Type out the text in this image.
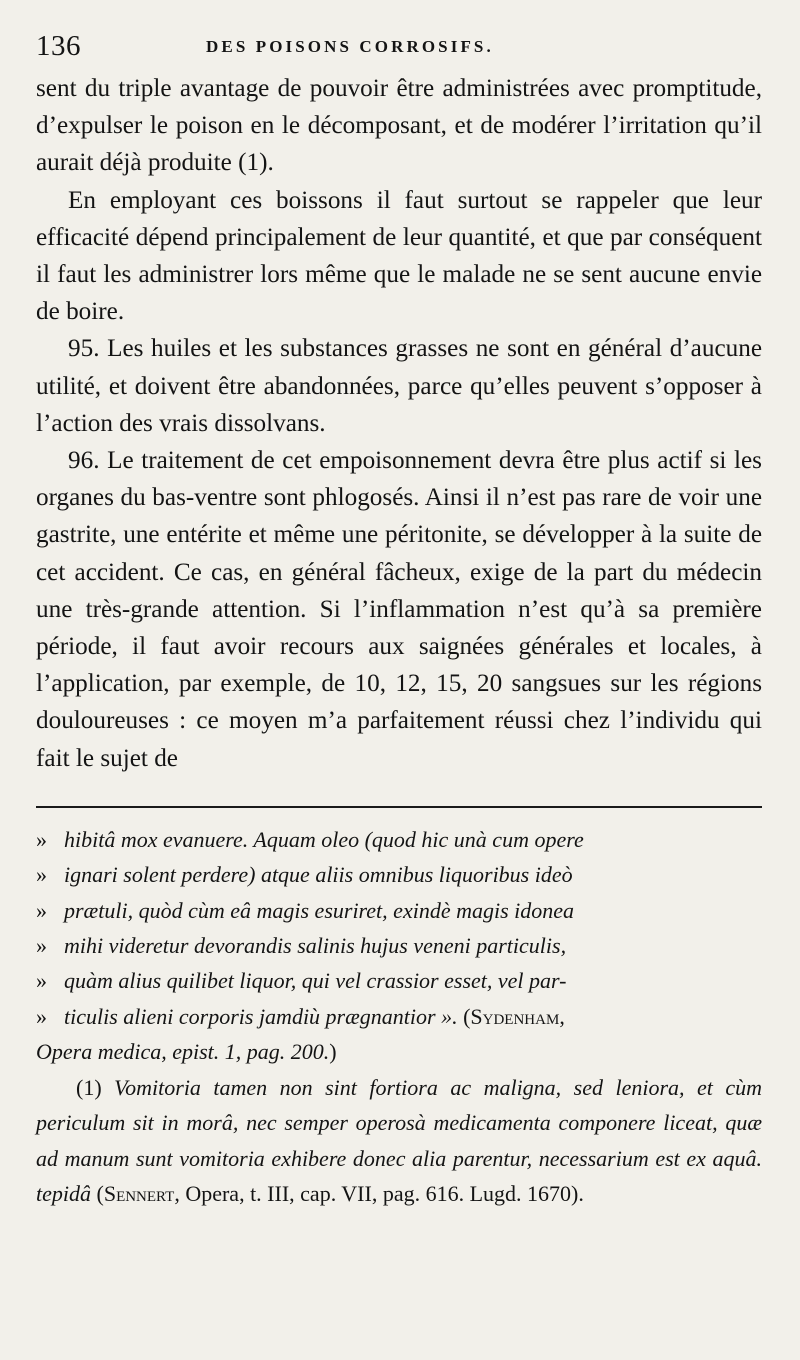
136	DES POISONS CORROSIFS.

sent du triple avantage de pouvoir être administrées avec promptitude, d’expulser le poison en le décomposant, et de modérer l’irritation qu’il aurait déjà produite (1).

En employant ces boissons il faut surtout se rappeler que leur efficacité dépend principalement de leur quantité, et que par conséquent il faut les administrer lors même que le malade ne se sent aucune envie de boire.

95. Les huiles et les substances grasses ne sont en général d’aucune utilité, et doivent être abandonnées, parce qu’elles peuvent s’opposer à l’action des vrais dissolvans.

96. Le traitement de cet empoisonnement devra être plus actif si les organes du bas-ventre sont phlogosés. Ainsi il n’est pas rare de voir une gastrite, une entérite et même une péritonite, se développer à la suite de cet accident. Ce cas, en général fâcheux, exige de la part du médecin une très-grande attention. Si l’inflammation n’est qu’à sa première période, il faut avoir recours aux saignées générales et locales, à l’application, par exemple, de 10, 12, 15, 20 sangsues sur les régions douloureuses : ce moyen m’a parfaitement réussi chez l’individu qui fait le sujet de

» hibitâ mox evanuere. Aquam oleo (quod hic unà cum opere
» ignari solent perdere) atque aliis omnibus liquoribus ideò
» prætuli, quòd cùm eâ magis esuriret, exindè magis idonea
» mihi videretur devorandis salinis hujus veneni particulis,
» quàm alius quilibet liquor, qui vel crassior esset, vel par-
» ticulis alieni corporis jamdiù prægnantior ». (Sydenham,

Opera medica, epist. 1, pag. 200.)

(1) Vomitoria tamen non sint fortiora ac maligna, sed leniora, et cùm periculum sit in morâ, nec semper operosà medicamenta componere liceat, quæ ad manum sunt vomitoria exhibere donec alia parentur, necessarium est ex aquâ. tepidâ (Sennert, Opera, t. III, cap. VII, pag. 616. Lugd. 1670).
